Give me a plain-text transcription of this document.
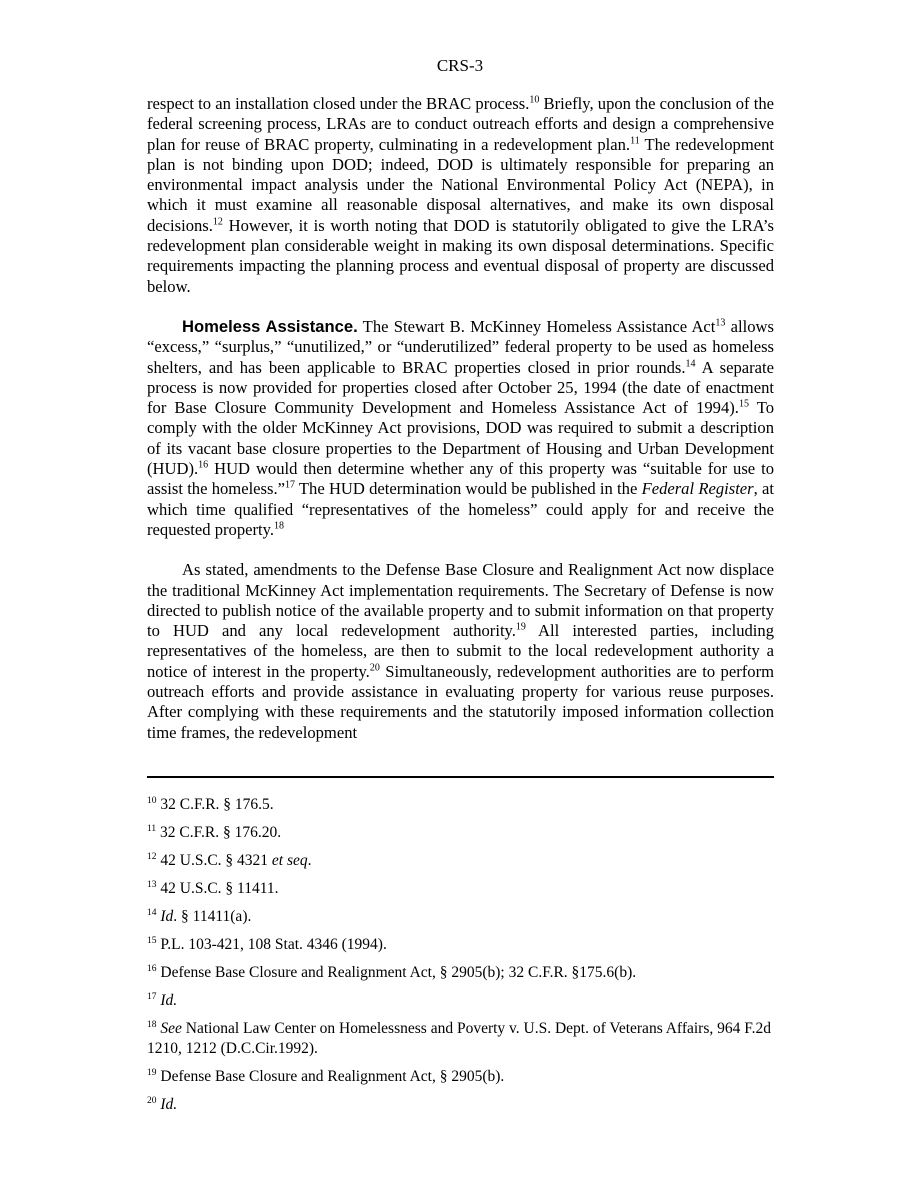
CRS-3

respect to an installation closed under the BRAC process.$^{10}$ Briefly, upon the conclusion of the federal screening process, LRAs are to conduct outreach efforts and design a comprehensive plan for reuse of BRAC property, culminating in a redevelopment plan.$^{11}$ The redevelopment plan is not binding upon DOD; indeed, DOD is ultimately responsible for preparing an environmental impact analysis under the National Environmental Policy Act (NEPA), in which it must examine all reasonable disposal alternatives, and make its own disposal decisions.$^{12}$ However, it is worth noting that DOD is statutorily obligated to give the LRA’s redevelopment plan considerable weight in making its own disposal determinations. Specific requirements impacting the planning process and eventual disposal of property are discussed below.

Homeless Assistance. The Stewart B. McKinney Homeless Assistance Act$^{13}$ allows “excess,” “surplus,” “unutilized,” or “underutilized” federal property to be used as homeless shelters, and has been applicable to BRAC properties closed in prior rounds.$^{14}$ A separate process is now provided for properties closed after October 25, 1994 (the date of enactment for Base Closure Community Development and Homeless Assistance Act of 1994).$^{15}$ To comply with the older McKinney Act provisions, DOD was required to submit a description of its vacant base closure properties to the Department of Housing and Urban Development (HUD).$^{16}$ HUD would then determine whether any of this property was “suitable for use to assist the homeless.”$^{17}$ The HUD determination would be published in the Federal Register, at which time qualified “representatives of the homeless” could apply for and receive the requested property.$^{18}$

As stated, amendments to the Defense Base Closure and Realignment Act now displace the traditional McKinney Act implementation requirements. The Secretary of Defense is now directed to publish notice of the available property and to submit information on that property to HUD and any local redevelopment authority.$^{19}$ All interested parties, including representatives of the homeless, are then to submit to the local redevelopment authority a notice of interest in the property.$^{20}$ Simultaneously, redevelopment authorities are to perform outreach efforts and provide assistance in evaluating property for various reuse purposes. After complying with these requirements and the statutorily imposed information collection time frames, the redevelopment

$^{10}$ 32 C.F.R. § 176.5.

$^{11}$ 32 C.F.R. § 176.20.

$^{12}$ 42 U.S.C. § 4321 et seq.

$^{13}$ 42 U.S.C. § 11411.

$^{14}$ Id. § 11411(a).

$^{15}$ P.L. 103-421, 108 Stat. 4346 (1994).

$^{16}$ Defense Base Closure and Realignment Act, § 2905(b); 32 C.F.R. §175.6(b).

$^{17}$ Id.

$^{18}$ See National Law Center on Homelessness and Poverty v. U.S. Dept. of Veterans Affairs, 964 F.2d 1210, 1212 (D.C.Cir.1992).

$^{19}$ Defense Base Closure and Realignment Act, § 2905(b).

$^{20}$ Id.
